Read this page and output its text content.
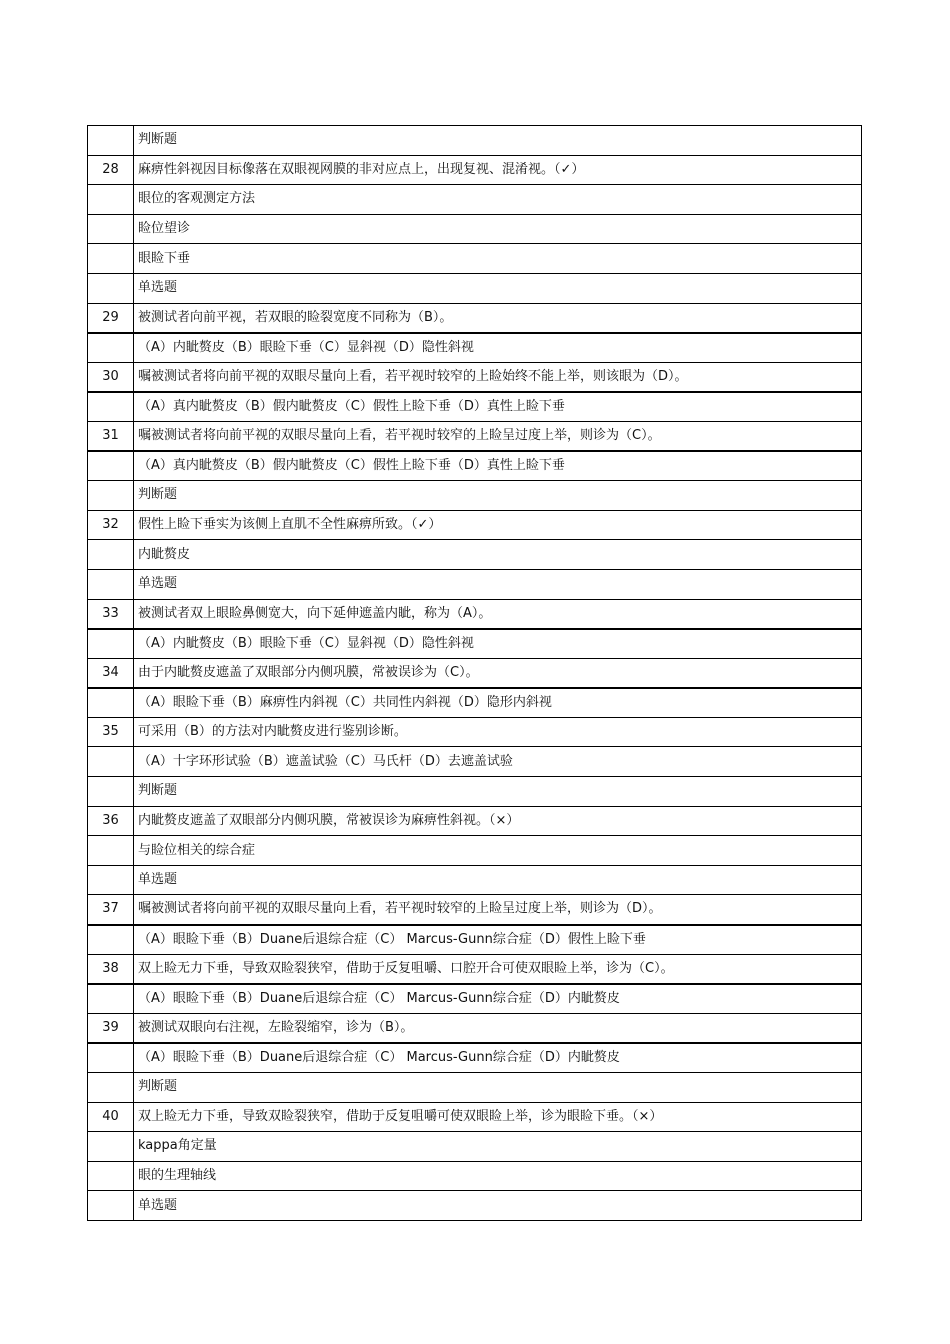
	判断题
28	麻痹性斜视因目标像落在双眼视网膜的非对应点上，出现复视、混淆视。（✓）
	眼位的客观测定方法
	睑位望诊
	眼睑下垂
	单选题
29	被测试者向前平视，若双眼的睑裂宽度不同称为（B）。
	（A）内眦赘皮（B）眼睑下垂（C）显斜视（D）隐性斜视
30	嘱被测试者将向前平视的双眼尽量向上看，若平视时较窄的上睑始终不能上举，则该眼为（D）。
	（A）真内眦赘皮（B）假内眦赘皮（C）假性上睑下垂（D）真性上睑下垂
31	嘱被测试者将向前平视的双眼尽量向上看，若平视时较窄的上睑呈过度上举，则诊为（C）。
	（A）真内眦赘皮（B）假内眦赘皮（C）假性上睑下垂（D）真性上睑下垂
	判断题
32	假性上睑下垂实为该侧上直肌不全性麻痹所致。（✓）
	内眦赘皮
	单选题
33	被测试者双上眼睑鼻侧宽大，向下延伸遮盖内眦，称为（A）。
	（A）内眦赘皮（B）眼睑下垂（C）显斜视（D）隐性斜视
34	由于内眦赘皮遮盖了双眼部分内侧巩膜，常被误诊为（C）。
	（A）眼睑下垂（B）麻痹性内斜视（C）共同性内斜视（D）隐形内斜视
35	可采用（B）的方法对内眦赘皮进行鉴别诊断。
	（A）十字环形试验（B）遮盖试验（C）马氏杆（D）去遮盖试验
	判断题
36	内眦赘皮遮盖了双眼部分内侧巩膜，常被误诊为麻痹性斜视。（×）
	与睑位相关的综合症
	单选题
37	嘱被测试者将向前平视的双眼尽量向上看，若平视时较窄的上睑呈过度上举，则诊为（D）。
	（A）眼睑下垂（B）Duane后退综合症（C） Marcus-Gunn综合症（D）假性上睑下垂
38	双上睑无力下垂，导致双睑裂狭窄，借助于反复咀嚼、口腔开合可使双眼睑上举，诊为（C）。
	（A）眼睑下垂（B）Duane后退综合症（C） Marcus-Gunn综合症（D）内眦赘皮
39	被测试双眼向右注视，左睑裂缩窄，诊为（B）。
	（A）眼睑下垂（B）Duane后退综合症（C） Marcus-Gunn综合症（D）内眦赘皮
	判断题
40	双上睑无力下垂，导致双睑裂狭窄，借助于反复咀嚼可使双眼睑上举，诊为眼睑下垂。（×）
	kappa角定量
	眼的生理轴线
	单选题
